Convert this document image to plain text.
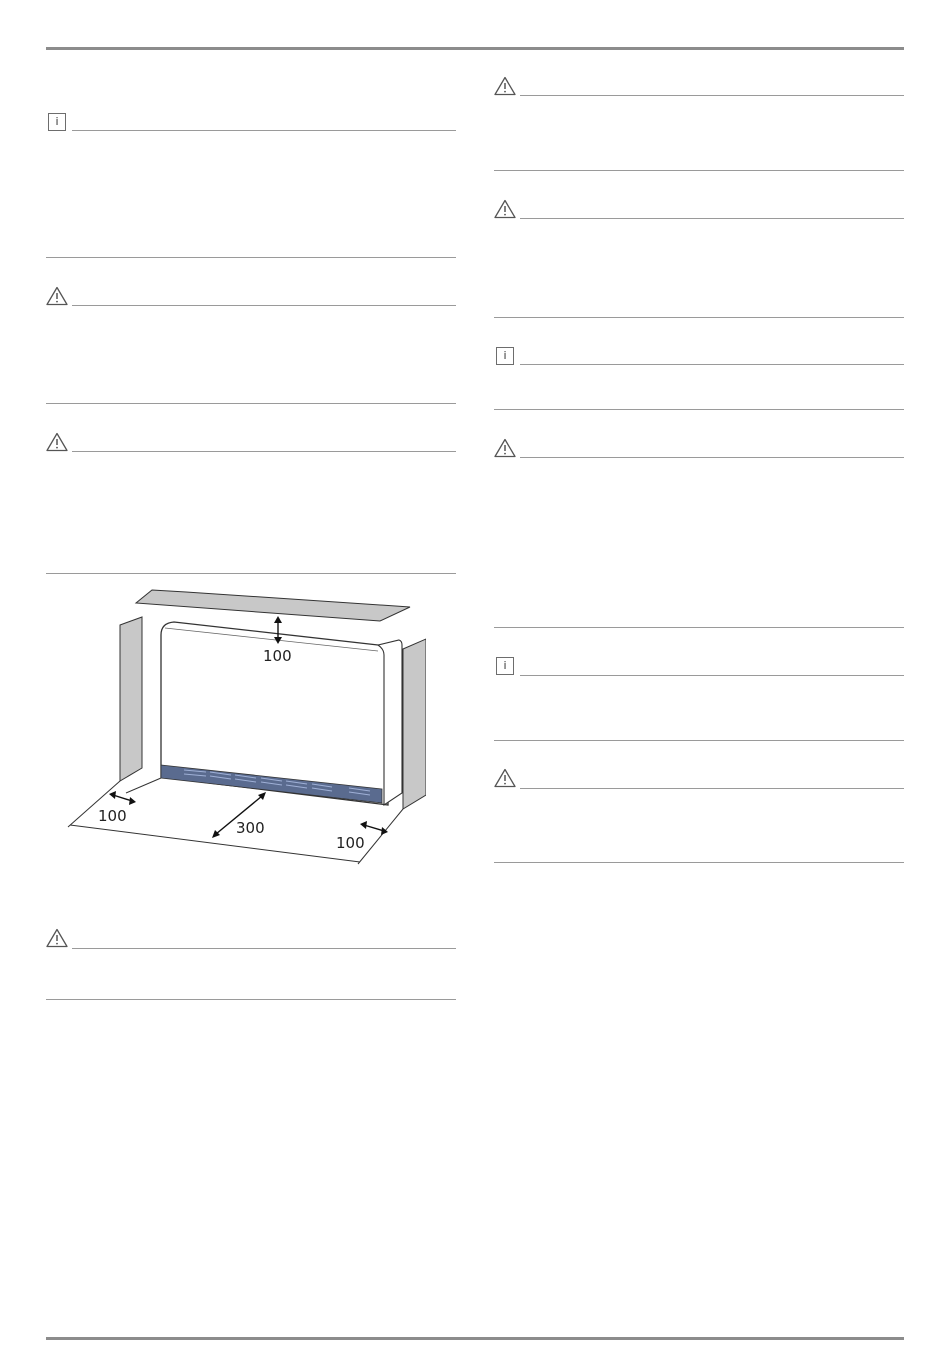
i
100
100
300
100
i
i
